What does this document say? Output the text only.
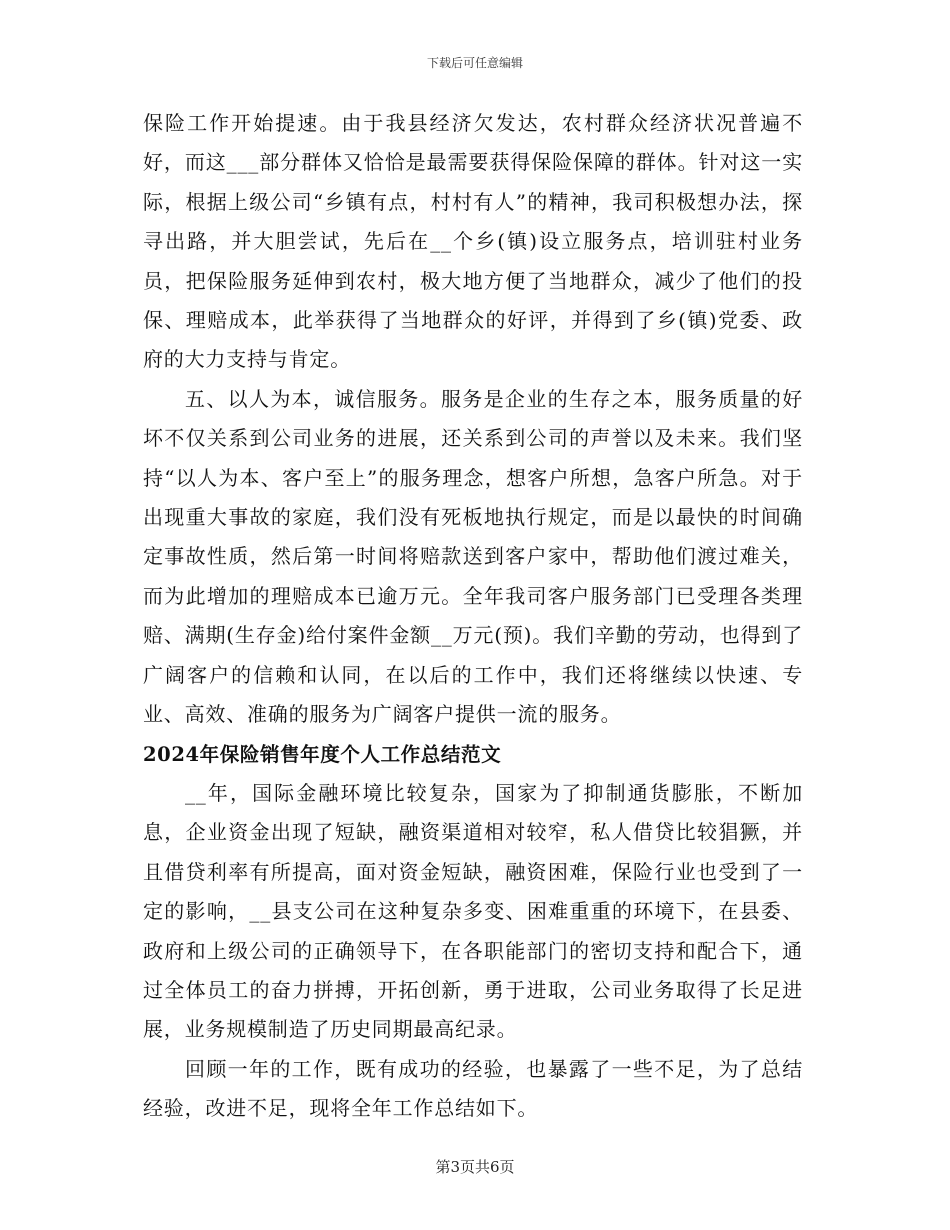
下载后可任意编辑

保险工作开始提速。由于我县经济欠发达，农村群众经济状况普遍不好，而这___部分群体又恰恰是最需要获得保险保障的群体。针对这一实际，根据上级公司“乡镇有点，村村有人”的精神，我司积极想办法，探寻出路，并大胆尝试，先后在__个乡(镇)设立服务点，培训驻村业务员，把保险服务延伸到农村，极大地方便了当地群众，减少了他们的投保、理赔成本，此举获得了当地群众的好评，并得到了乡(镇)党委、政府的大力支持与肯定。

五、以人为本，诚信服务。服务是企业的生存之本，服务质量的好坏不仅关系到公司业务的进展，还关系到公司的声誉以及未来。我们坚持“以人为本、客户至上”的服务理念，想客户所想，急客户所急。对于出现重大事故的家庭，我们没有死板地执行规定，而是以最快的时间确定事故性质，然后第一时间将赔款送到客户家中，帮助他们渡过难关，而为此增加的理赔成本已逾万元。全年我司客户服务部门已受理各类理赔、满期(生存金)给付案件金额__万元(预)。我们辛勤的劳动，也得到了广阔客户的信赖和认同，在以后的工作中，我们还将继续以快速、专业、高效、准确的服务为广阔客户提供一流的服务。

2024年保险销售年度个人工作总结范文

__年，国际金融环境比较复杂，国家为了抑制通货膨胀，不断加息，企业资金出现了短缺，融资渠道相对较窄，私人借贷比较猖獗，并且借贷利率有所提高，面对资金短缺，融资困难，保险行业也受到了一定的影响，__县支公司在这种复杂多变、困难重重的环境下，在县委、政府和上级公司的正确领导下，在各职能部门的密切支持和配合下，通过全体员工的奋力拼搏，开拓创新，勇于进取，公司业务取得了长足进展，业务规模制造了历史同期最高纪录。

回顾一年的工作，既有成功的经验，也暴露了一些不足，为了总结经验，改进不足，现将全年工作总结如下。

第3页共6页
